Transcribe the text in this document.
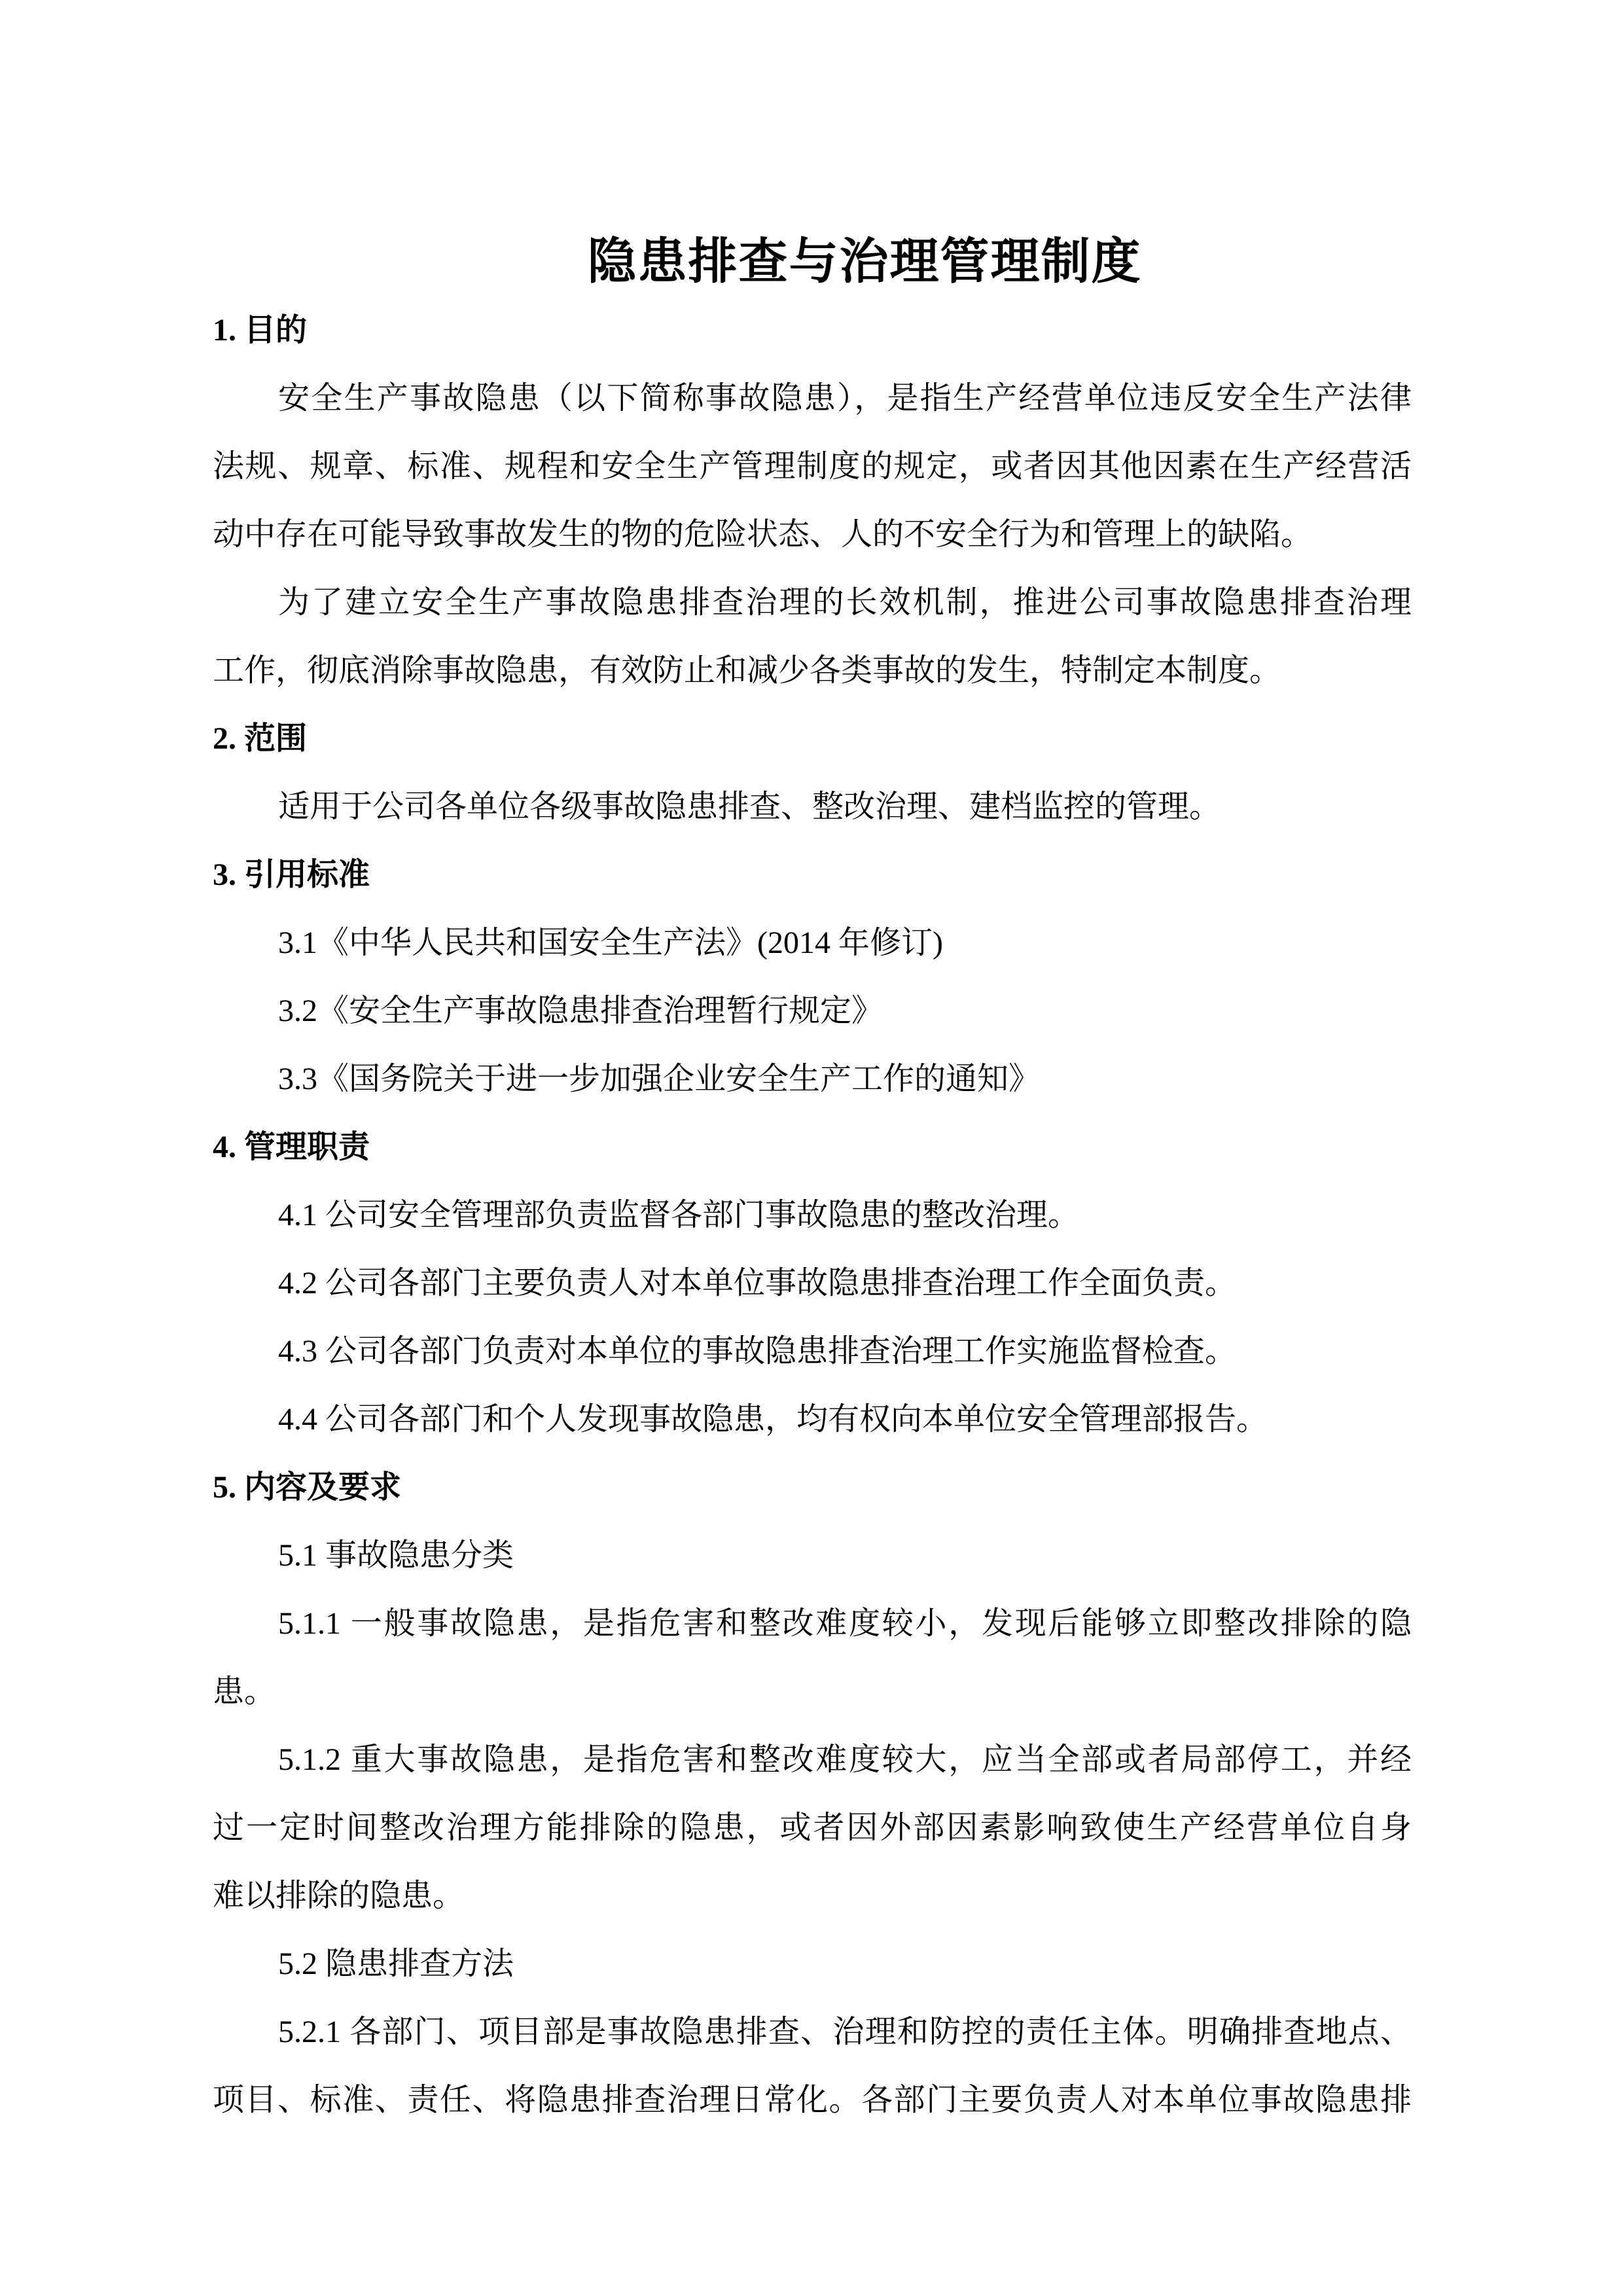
隐患排查与治理管理制度
1. 目的
安全生产事故隐患（以下简称事故隐患），是指生产经营单位违反安全生产法律
法规、规章、标准、规程和安全生产管理制度的规定，或者因其他因素在生产经营活
动中存在可能导致事故发生的物的危险状态、人的不安全行为和管理上的缺陷。
为了建立安全生产事故隐患排查治理的长效机制，推进公司事故隐患排查治理
工作，彻底消除事故隐患，有效防止和减少各类事故的发生，特制定本制度。
2. 范围
适用于公司各单位各级事故隐患排查、整改治理、建档监控的管理。
3. 引用标准
3.1《中华人民共和国安全生产法》(2014 年修订)
3.2《安全生产事故隐患排查治理暂行规定》
3.3《国务院关于进一步加强企业安全生产工作的通知》
4. 管理职责
4.1 公司安全管理部负责监督各部门事故隐患的整改治理。
4.2 公司各部门主要负责人对本单位事故隐患排查治理工作全面负责。
4.3 公司各部门负责对本单位的事故隐患排查治理工作实施监督检查。
4.4 公司各部门和个人发现事故隐患，均有权向本单位安全管理部报告。
5. 内容及要求
5.1 事故隐患分类
5.1.1 一般事故隐患，是指危害和整改难度较小，发现后能够立即整改排除的隐
患。
5.1.2 重大事故隐患，是指危害和整改难度较大，应当全部或者局部停工，并经
过一定时间整改治理方能排除的隐患，或者因外部因素影响致使生产经营单位自身
难以排除的隐患。
5.2 隐患排查方法
5.2.1 各部门、项目部是事故隐患排查、治理和防控的责任主体。明确排查地点、
项目、标准、责任、将隐患排查治理日常化。各部门主要负责人对本单位事故隐患排
